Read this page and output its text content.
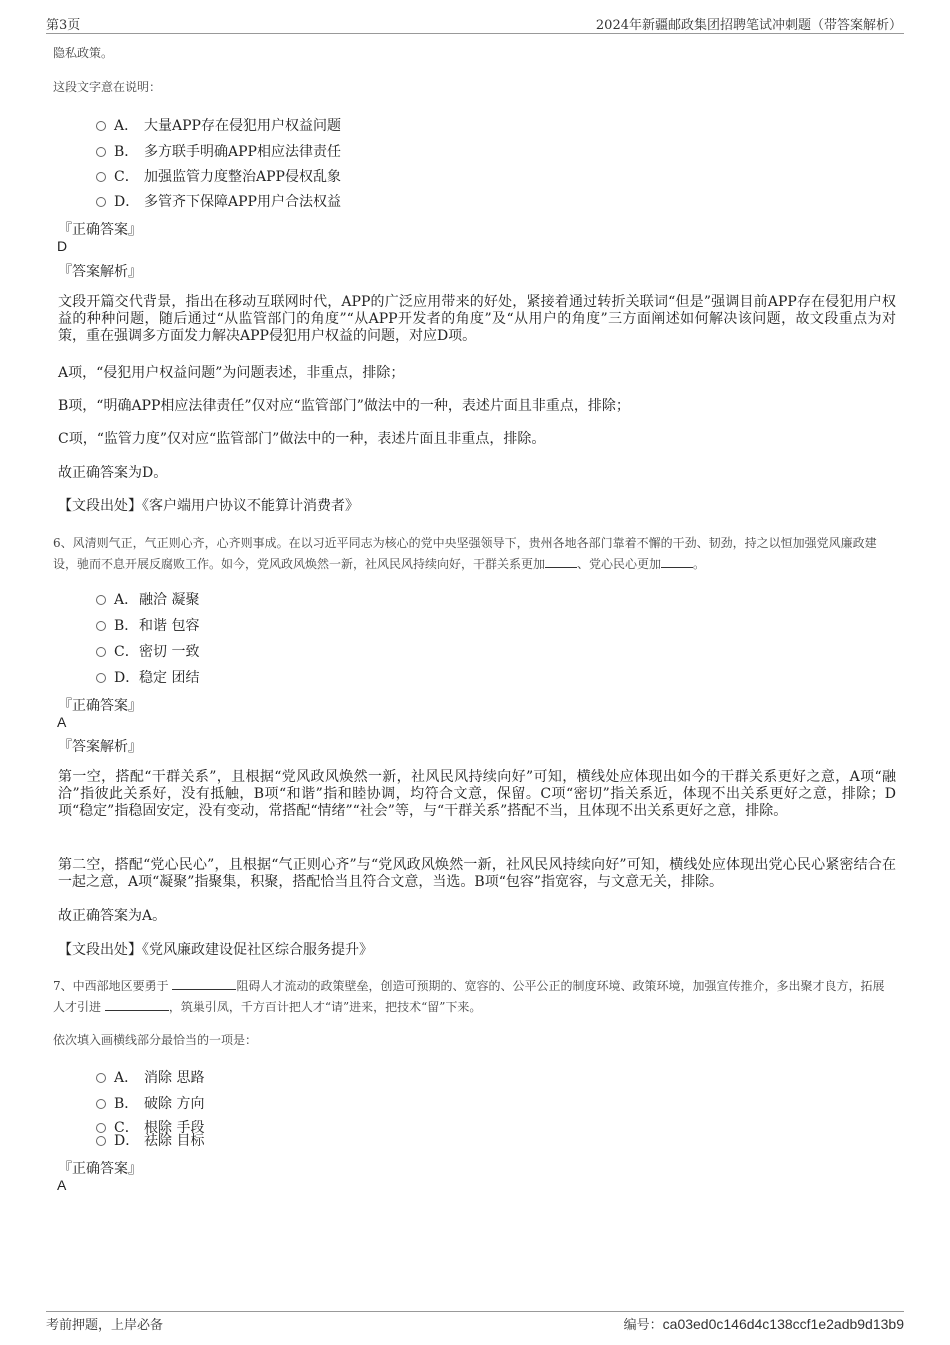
第3页	2024年新疆邮政集团招聘笔试冲刺题（带答案解析）
隐私政策。
这段文字意在说明：
A． 大量APP存在侵犯用户权益问题
B． 多方联手明确APP相应法律责任
C． 加强监管力度整治APP侵权乱象
D． 多管齐下保障APP用户合法权益
『正确答案』
D
『答案解析』
文段开篇交代背景，指出在移动互联网时代，APP的广泛应用带来的好处，紧接着通过转折关联词“但是”强调目前APP存在侵犯用户权益的种种问题，随后通过“从监管部门的角度”“从APP开发者的角度”及“从用户的角度”三方面阐述如何解决该问题，故文段重点为对策，重在强调多方面发力解决APP侵犯用户权益的问题，对应D项。
A项，“侵犯用户权益问题”为问题表述，非重点，排除；
B项，“明确APP相应法律责任”仅对应“监管部门”做法中的一种，表述片面且非重点，排除；
C项，“监管力度”仅对应“监管部门”做法中的一种，表述片面且非重点，排除。
故正确答案为D。
【文段出处】《客户端用户协议不能算计消费者》
6、风清则气正，气正则心齐，心齐则事成。在以习近平同志为核心的党中央坚强领导下，贵州各地各部门靠着不懈的干劲、韧劲，持之以恒加强党风廉政建设，驰而不息开展反腐败工作。如今，党风政风焕然一新，社风民风持续向好，干群关系更加	、党心民心更加	。
A．融洽 凝聚
B．和谐 包容
C．密切 一致
D．稳定 团结
『正确答案』
A
『答案解析』
第一空，搭配“干群关系”，且根据“党风政风焕然一新，社风民风持续向好”可知，横线处应体现出如今的干群关系更好之意，A项“融洽”指彼此关系好，没有抵触，B项“和谐”指和睦协调，均符合文意，保留。C项“密切”指关系近，体现不出关系更好之意，排除；D项“稳定”指稳固安定，没有变动，常搭配“情绪”“社会”等，与“干群关系”搭配不当，且体现不出关系更好之意，排除。
第二空，搭配“党心民心”，且根据“气正则心齐”与“党风政风焕然一新，社风民风持续向好”可知，横线处应体现出党心民心紧密结合在一起之意，A项“凝聚”指聚集，积聚，搭配恰当且符合文意，当选。B项“包容”指宽容，与文意无关，排除。
故正确答案为A。
【文段出处】《党风廉政建设促社区综合服务提升》
7、中西部地区要勇于	阻碍人才流动的政策壁垒，创造可预期的、宽容的、公平公正的制度环境、政策环境，加强宣传推介，多出聚才良方，拓展人才引进	，筑巢引凤，千方百计把人才“请”进来，把技术“留”下来。
依次填入画横线部分最恰当的一项是：
A． 消除 思路
B． 破除 方向
C． 根除 手段
D． 祛除 目标
『正确答案』
A
考前押题，上岸必备	编号：ca03ed0c146d4c138ccf1e2adb9d13b9
